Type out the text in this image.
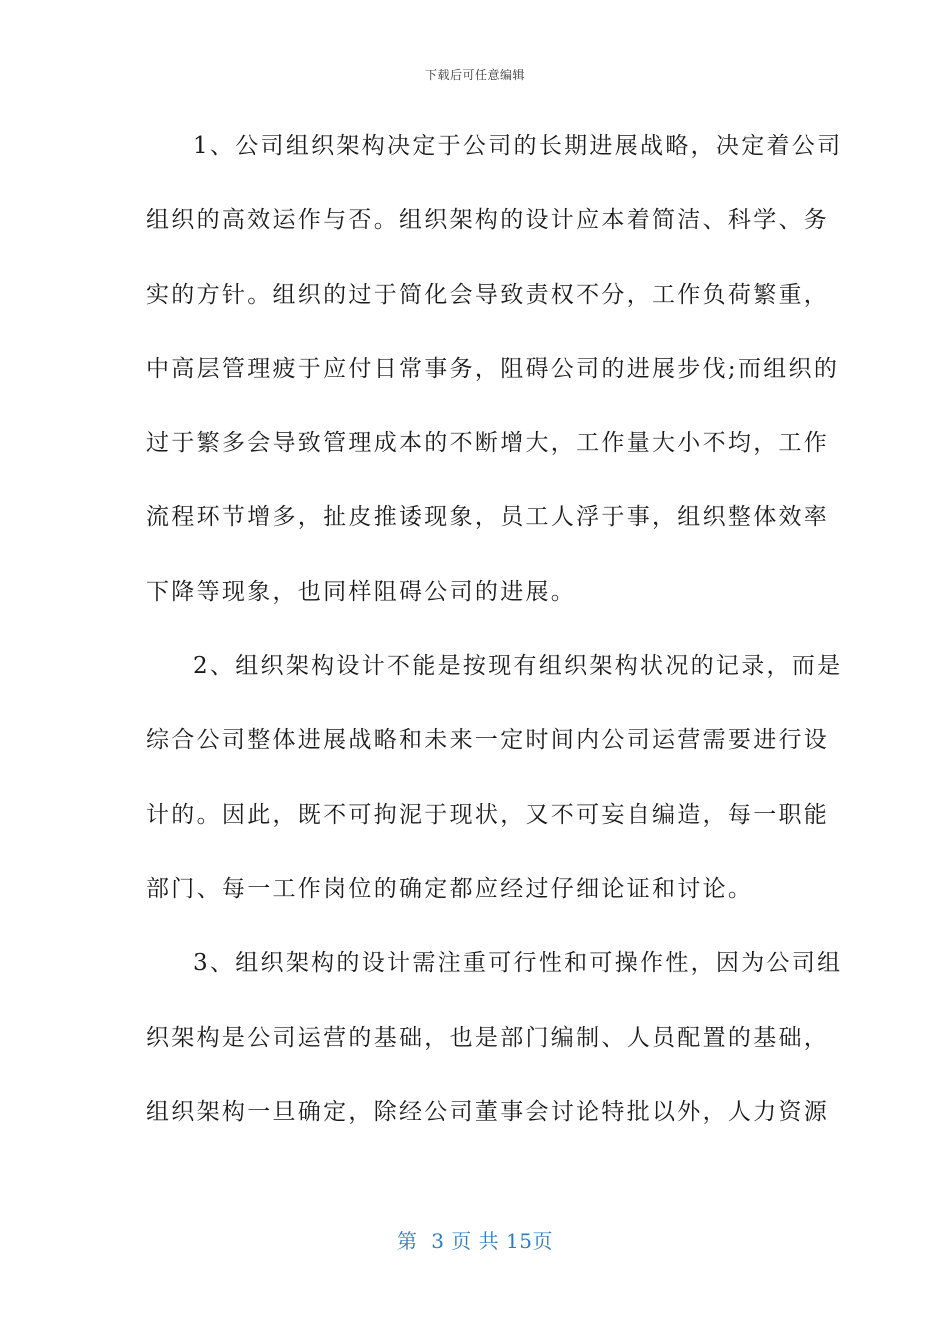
下载后可任意编辑
1、公司组织架构决定于公司的长期进展战略，决定着公司
组织的高效运作与否。组织架构的设计应本着简洁、科学、务
实的方针。组织的过于简化会导致责权不分，工作负荷繁重，
中高层管理疲于应付日常事务，阻碍公司的进展步伐;而组织的
过于繁多会导致管理成本的不断增大，工作量大小不均，工作
流程环节增多，扯皮推诿现象，员工人浮于事，组织整体效率
下降等现象，也同样阻碍公司的进展。
2、组织架构设计不能是按现有组织架构状况的记录，而是
综合公司整体进展战略和未来一定时间内公司运营需要进行设
计的。因此，既不可拘泥于现状，又不可妄自编造，每一职能
部门、每一工作岗位的确定都应经过仔细论证和讨论。
3、组织架构的设计需注重可行性和可操作性，因为公司组
织架构是公司运营的基础，也是部门编制、人员配置的基础，
组织架构一旦确定，除经公司董事会讨论特批以外，人力资源
第  3 页 共 15页
